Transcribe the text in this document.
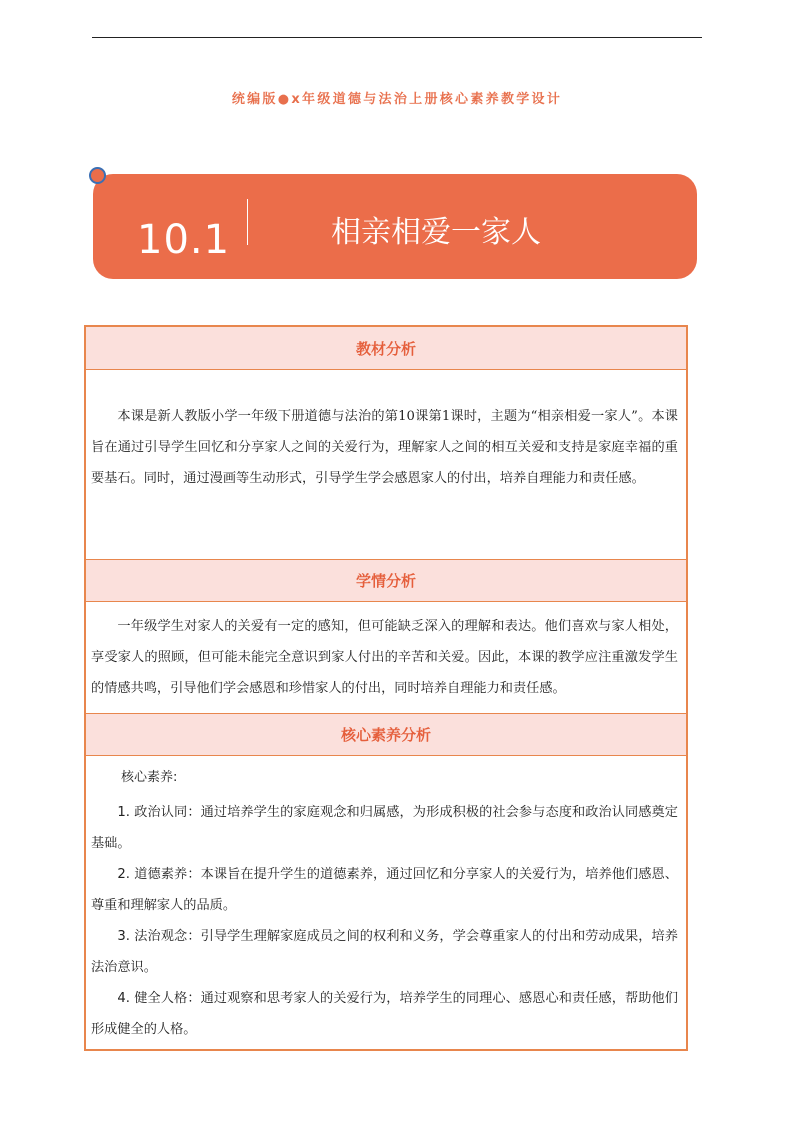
统编版●x年级道德与法治上册核心素养教学设计
10.1	相亲相爱一家人
教材分析

本课是新人教版小学一年级下册道德与法治的第10课第1课时，主题为“相亲相爱一家人”。本课旨在通过引导学生回忆和分享家人之间的关爱行为，理解家人之间的相互关爱和支持是家庭幸福的重要基石。同时，通过漫画等生动形式，引导学生学会感恩家人的付出，培养自理能力和责任感。

学情分析

一年级学生对家人的关爱有一定的感知，但可能缺乏深入的理解和表达。他们喜欢与家人相处，享受家人的照顾，但可能未能完全意识到家人付出的辛苦和关爱。因此，本课的教学应注重激发学生的情感共鸣，引导他们学会感恩和珍惜家人的付出，同时培养自理能力和责任感。

核心素养分析
核心素养:

1. 政治认同：通过培养学生的家庭观念和归属感，为形成积极的社会参与态度和政治认同感奠定基础。

2. 道德素养：本课旨在提升学生的道德素养，通过回忆和分享家人的关爱行为，培养他们感恩、尊重和理解家人的品质。

3. 法治观念：引导学生理解家庭成员之间的权利和义务，学会尊重家人的付出和劳动成果，培养法治意识。

4. 健全人格：通过观察和思考家人的关爱行为，培养学生的同理心、感恩心和责任感，帮助他们形成健全的人格。
